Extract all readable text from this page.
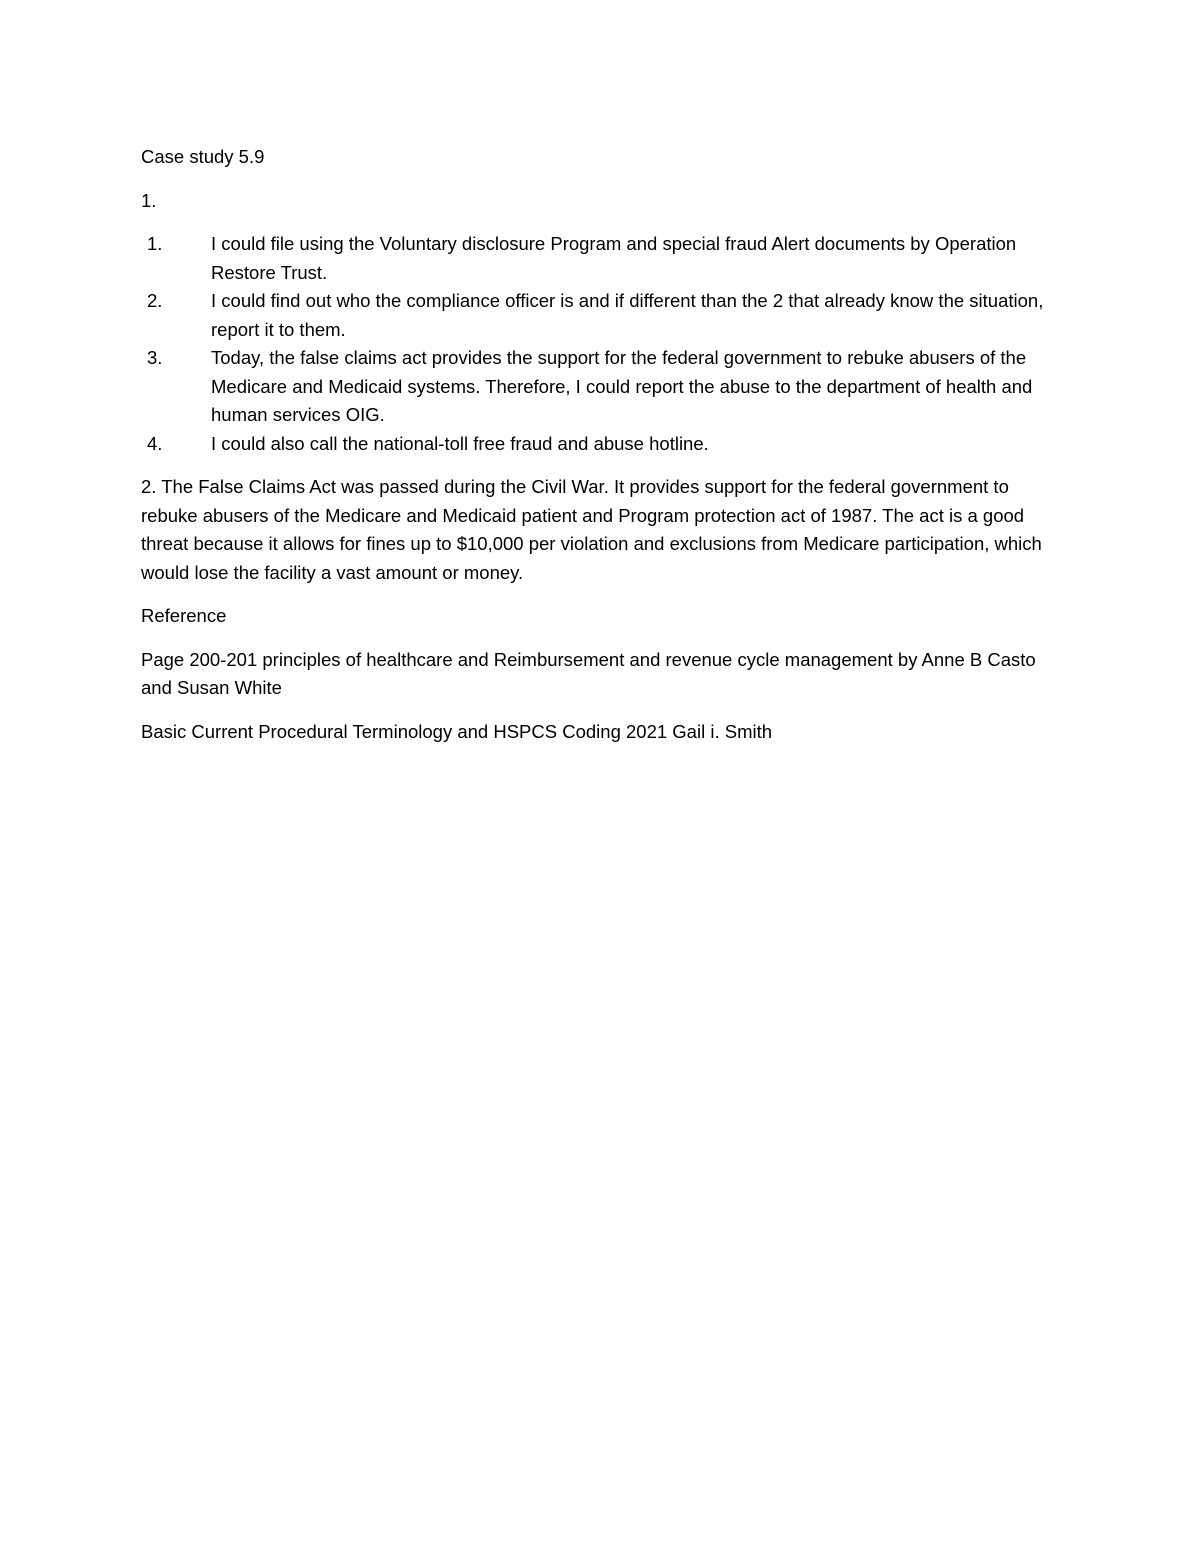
Case study 5.9

1.

1.	I could file using the Voluntary disclosure Program and special fraud Alert documents by Operation Restore Trust.
2.	I could find out who the compliance officer is and if different than the 2 that already know the situation, report it to them.
3.	Today, the false claims act provides the support for the federal government to rebuke abusers of the Medicare and Medicaid systems. Therefore, I could report the abuse to the department of health and human services OIG.
4.	I could also call the national-toll free fraud and abuse hotline.

2. The False Claims Act was passed during the Civil War. It provides support for the federal government to rebuke abusers of the Medicare and Medicaid patient and Program protection act of 1987. The act is a good threat because it allows for fines up to $10,000 per violation and exclusions from Medicare participation, which would lose the facility a vast amount or money.

Reference

Page 200-201 principles of healthcare and Reimbursement and revenue cycle management by Anne B Casto and Susan White

Basic Current Procedural Terminology and HSPCS Coding 2021 Gail i. Smith
